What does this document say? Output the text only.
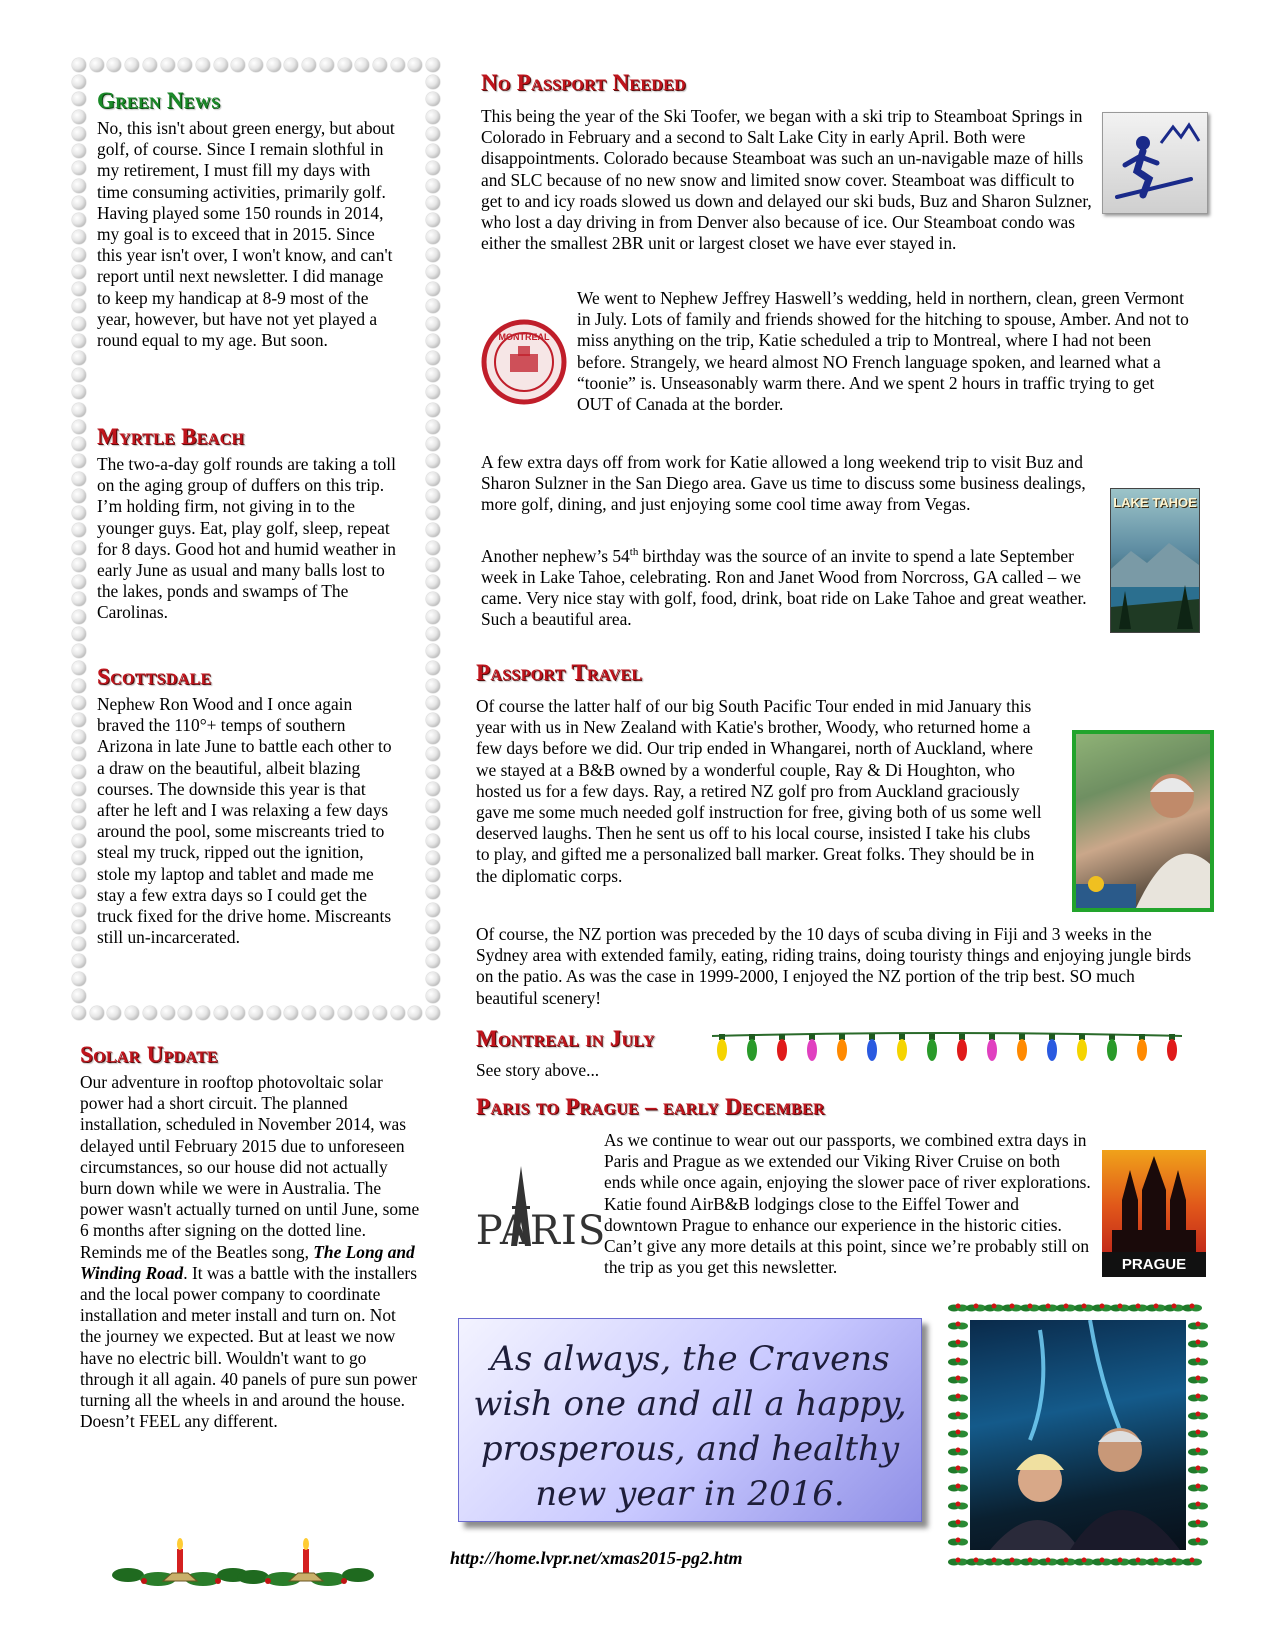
Green News

No, this isn't about green energy, but about golf, of course. Since I remain slothful in my retirement, I must fill my days with time consuming activities, primarily golf. Having played some 150 rounds in 2014, my goal is to exceed that in 2015. Since this year isn't over, I won't know, and can't report until next newsletter. I did manage to keep my handicap at 8-9 most of the year, however, but have not yet played a round equal to my age. But soon.

Myrtle Beach

The two-a-day golf rounds are taking a toll on the aging group of duffers on this trip. I’m holding firm, not giving in to the younger guys. Eat, play golf, sleep, repeat for 8 days. Good hot and humid weather in early June as usual and many balls lost to the lakes, ponds and swamps of The Carolinas.

Scottsdale

Nephew Ron Wood and I once again braved the 110°+ temps of southern Arizona in late June to battle each other to a draw on the beautiful, albeit blazing courses. The downside this year is that after he left and I was relaxing a few days around the pool, some miscreants tried to steal my truck, ripped out the ignition, stole my laptop and tablet and made me stay a few extra days so I could get the truck fixed for the drive home. Miscreants still un-incarcerated.

Solar Update

Our adventure in rooftop photovoltaic solar power had a short circuit. The planned installation, scheduled in November 2014, was delayed until February 2015 due to unforeseen circumstances, so our house did not actually burn down while we were in Australia. The power wasn't actually turned on until June, some 6 months after signing on the dotted line. Reminds me of the Beatles song, The Long and Winding Road. It was a battle with the installers and the local power company to coordinate installation and meter install and turn on. Not the journey we expected. But at least we now have no electric bill. Wouldn't want to go through it all again. 40 panels of pure sun power turning all the wheels in and around the house. Doesn’t FEEL any different.

No Passport Needed

This being the year of the Ski Toofer, we began with a ski trip to Steamboat Springs in Colorado in February and a second to Salt Lake City in early April. Both were disappointments. Colorado because Steamboat was such an un-navigable maze of hills and SLC because of no new snow and limited snow cover. Steamboat was difficult to get to and icy roads slowed us down and delayed our ski buds, Buz and Sharon Sulzner, who lost a day driving in from Denver also because of ice. Our Steamboat condo was either the smallest 2BR unit or largest closet we have ever stayed in.

We went to Nephew Jeffrey Haswell’s wedding, held in northern, clean, green Vermont in July. Lots of family and friends showed for the hitching to spouse, Amber. And not to miss anything on the trip, Katie scheduled a trip to Montreal, where I had not been before. Strangely, we heard almost NO French language spoken, and learned what a “toonie” is. Unseasonably warm there. And we spent 2 hours in traffic trying to get OUT of Canada at the border.
MONTREAL

A few extra days off from work for Katie allowed a long weekend trip to visit Buz and Sharon Sulzner in the San Diego area. Gave us time to discuss some business dealings, more golf, dining, and just enjoying some cool time away from Vegas.

Another nephew’s 54th birthday was the source of an invite to spend a late September week in Lake Tahoe, celebrating. Ron and Janet Wood from Norcross, GA called – we came. Very nice stay with golf, food, drink, boat ride on Lake Tahoe and great weather. Such a beautiful area.

LAKE TAHOE
Passport Travel

Of course the latter half of our big South Pacific Tour ended in mid January this year with us in New Zealand with Katie's brother, Woody, who returned home a few days before we did. Our trip ended in Whangarei, north of Auckland, where we stayed at a B&B owned by a wonderful couple, Ray & Di Houghton, who hosted us for a few days. Ray, a retired NZ golf pro from Auckland graciously gave me some much needed golf instruction for free, giving both of us some well deserved laughs. Then he sent us off to his local course, insisted I take his clubs to play, and gifted me a personalized ball marker. Great folks. They should be in the diplomatic corps.

Of course, the NZ portion was preceded by the 10 days of scuba diving in Fiji and 3 weeks in the Sydney area with extended family, eating, riding trains, doing touristy things and enjoying jungle birds on the patio. As was the case in 1999-2000, I enjoyed the NZ portion of the trip best. SO much beautiful scenery!

Montreal in July

See story above...

Paris to Prague – early December
As we continue to wear out our passports, we combined extra days in Paris and Prague as we extended our Viking River Cruise on both ends while once again, enjoying the slower pace of river explorations. Katie found AirB&B lodgings close to the Eiffel Tower and downtown Prague to enhance our experience in the historic cities. Can’t give any more details at this point, since we’re probably still on the trip as you get this newsletter.
PARIS
PRAGUE
As always, the Cravens
wish one and all a happy,
prosperous, and healthy
new year in 2016.
http://home.lvpr.net/xmas2015-pg2.htm
